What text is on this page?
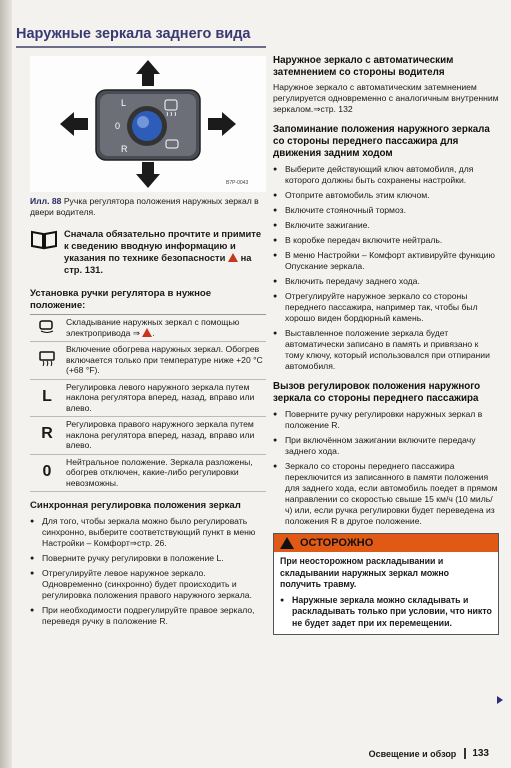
Наружные зеркала заднего вида
L
0
R
B7P-0043
Илл. 88 Ручка регулятора положения наружных зеркал в двери водителя.
Сначала обязательно прочтите и примите к сведению вводную информацию и указания по технике безопасности на стр. 131.
Установка ручки регулятора в нужное положение:
	Складывание наружных зеркал с помощью электропривода ⇒ .
	Включение обогрева наружных зеркал. Обогрев включается только при температуре ниже +20 °C (+68 °F).
L	Регулировка левого наружного зеркала путем наклона регулятора вперед, назад, вправо или влево.
R	Регулировка правого наружного зеркала путем наклона регулятора вперед, назад, вправо или влево.
0	Нейтральное положение. Зеркала разложены, обогрев отключен, какие-либо регулировки невозможны.
Синхронная регулировка положения зеркал
● Для того, чтобы зеркала можно было регулировать синхронно, выберите соответствующий пункт в меню Настройки – Комфорт⇒стр. 26.
● Поверните ручку регулировки в положение L.
● Отрегулируйте левое наружное зеркало. Одновременно (синхронно) будет происходить и регулировка положения правого наружного зеркала.
● При необходимости подрегулируйте правое зеркало, переведя ручку в положение R.
Наружное зеркало с автоматическим затемнением со стороны водителя

Наружное зеркало с автоматическим затемнением регулируется одновременно с аналогичным внутренним зеркалом.⇒стр. 132

Запоминание положения наружного зеркала со стороны переднего пассажира для движения задним ходом
● Выберите действующий ключ автомобиля, для которого должны быть сохранены настройки.
● Отоприте автомобиль этим ключом.
● Включите стояночный тормоз.
● Включите зажигание.
● В коробке передач включите нейтраль.
● В меню Настройки – Комфорт активируйте функцию Опускание зеркала.
● Включить передачу заднего хода.
● Отрегулируйте наружное зеркало со стороны переднего пассажира, например так, чтобы был хорошо виден бордюрный камень.
● Выставленное положение зеркала будет автоматически записано в память и привязано к тому ключу, который использовался при отпирании автомобиля.
Вызов регулировок положения наружного зеркала со стороны переднего пассажира
● Поверните ручку регулировки наружных зеркал в положение R.
● При включённом зажигании включите передачу заднего хода.
● Зеркало со стороны переднего пассажира переключится из записанного в памяти положения для заднего хода, если автомобиль поедет в прямом направлении со скоростью свыше 15 км/ч (10 миль/ч) или, если ручка регулировки будет переведена из положения R в другое положение.
ОСТОРОЖНО
При неосторожном раскладывании и складывании наружных зеркал можно получить травму.
● Наружные зеркала можно складывать и раскладывать только при условии, что никто не будет задет при их перемещении.
Освещение и обзор	133
